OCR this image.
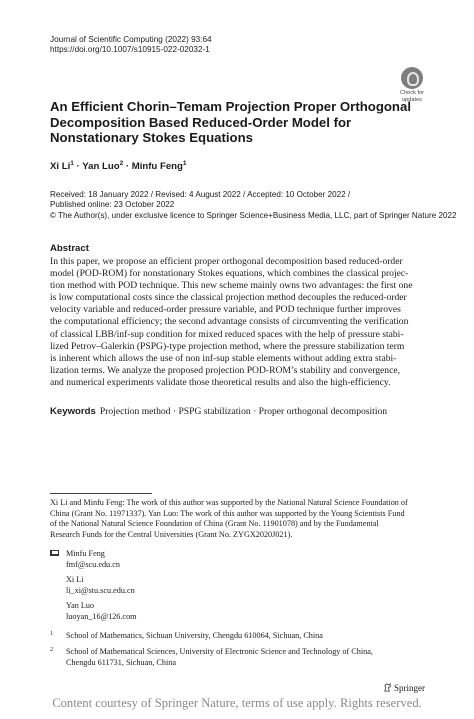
Journal of Scientific Computing (2022) 93:64
https://doi.org/10.1007/s10915-022-02032-1
Check for
updates
An Efficient Chorin–Temam Projection Proper Orthogonal
Decomposition Based Reduced-Order Model for
Nonstationary Stokes Equations
Xi $Li^1$ · Yan Luo$^2$ · Minfu Feng$^1$
Received: 18 January 2022 / Revised: 4 August 2022 / Accepted: 10 October 2022 /
Published online: 23 October 2022
© The Author(s), under exclusive licence to Springer Science+Business Media, LLC, part of Springer Nature 2022
Abstract
In this paper, we propose an efficient proper orthogonal decomposition based reduced-order
model (POD-ROM) for nonstationary Stokes equations, which combines the classical projec-
tion method with POD technique. This new scheme mainly owns two advantages: the first one
is low computational costs since the classical projection method decouples the reduced-order
velocity variable and reduced-order pressure variable, and POD technique further improves
the computational efficiency; the second advantage consists of circumventing the verification
of classical LBB/inf-sup condition for mixed reduced spaces with the help of pressure stabi-
lized Petrov–Galerkin (PSPG)-type projection method, where the pressure stabilization term
is inherent which allows the use of non inf-sup stable elements without adding extra stabi-
lization terms. We analyze the proposed projection POD-ROM’s stability and convergence,
and numerical experiments validate those theoretical results and also the high-efficiency.
Keywords Projection method · PSPG stabilization · Proper orthogonal decomposition
Xi Li and Minfu Feng: The work of this author was supported by the National Natural Science Foundation of
China (Grant No. 11971337). Yan Luo: The work of this author was supported by the Young Scientists Fund
of the National Natural Science Foundation of China (Grant No. 11901078) and by the Fundamental
Research Funds for the Central Universities (Grant No. ZYGX2020J021).
Minfu Feng
fmf@scu.edu.cn
Xi Li
li_xi@stu.scu.edu.cn
Yan Luo
luoyan_16@126.com
1 School of Mathematics, Sichuan University, Chengdu 610064, Sichuan, China
2 School of Mathematical Sciences, University of Electronic Science and Technology of China,
Chengdu 611731, Sichuan, China
Springer
Content courtesy of Springer Nature, terms of use apply. Rights reserved.
